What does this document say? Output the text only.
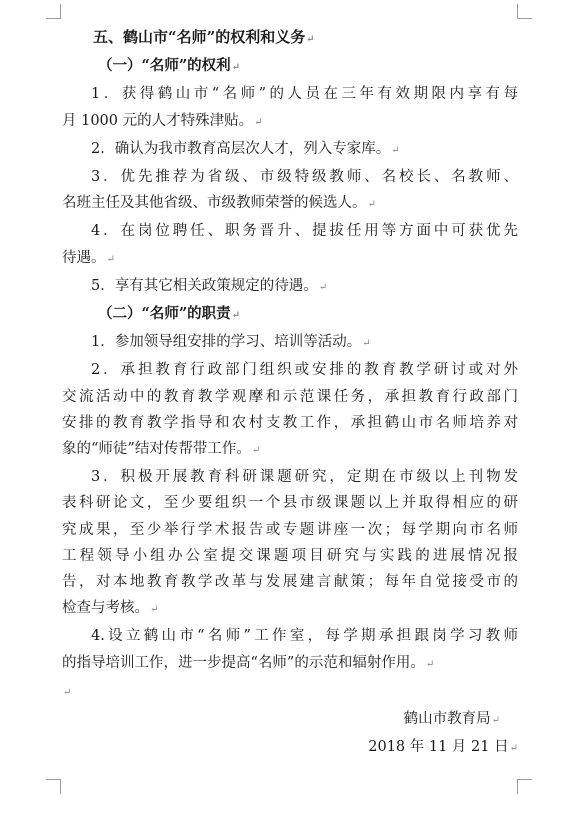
五、鹤山市“名师”的权利和义务↵
（一）“名师”的权利↵
1．获得鹤山市“名师”的人员在三年有效期限内享有每
月 1000 元的人才特殊津贴。↵
2．确认为我市教育高层次人才，列入专家库。↵
3．优先推荐为省级、市级特级教师、名校长、名教师、
名班主任及其他省级、市级教师荣誉的候选人。↵
4．在岗位聘任、职务晋升、提拔任用等方面中可获优先
待遇。↵
5．享有其它相关政策规定的待遇。↵
（二）“名师”的职责↵
1．参加领导组安排的学习、培训等活动。↵
2．承担教育行政部门组织或安排的教育教学研讨或对外
交流活动中的教育教学观摩和示范课任务，承担教育行政部门
安排的教育教学指导和农村支教工作，承担鹤山市名师培养对
象的“师徒”结对传帮带工作。↵
3．积极开展教育科研课题研究，定期在市级以上刊物发
表科研论文，至少要组织一个县市级课题以上并取得相应的研
究成果，至少举行学术报告或专题讲座一次；每学期向市名师
工程领导小组办公室提交课题项目研究与实践的进展情况报
告，对本地教育教学改革与发展建言献策；每年自觉接受市的
检查与考核。↵
4.设立鹤山市“名师”工作室，每学期承担跟岗学习教师
的指导培训工作，进一步提高“名师”的示范和辐射作用。↵
↵
鹤山市教育局↵
2018 年 11 月 21 日↵
